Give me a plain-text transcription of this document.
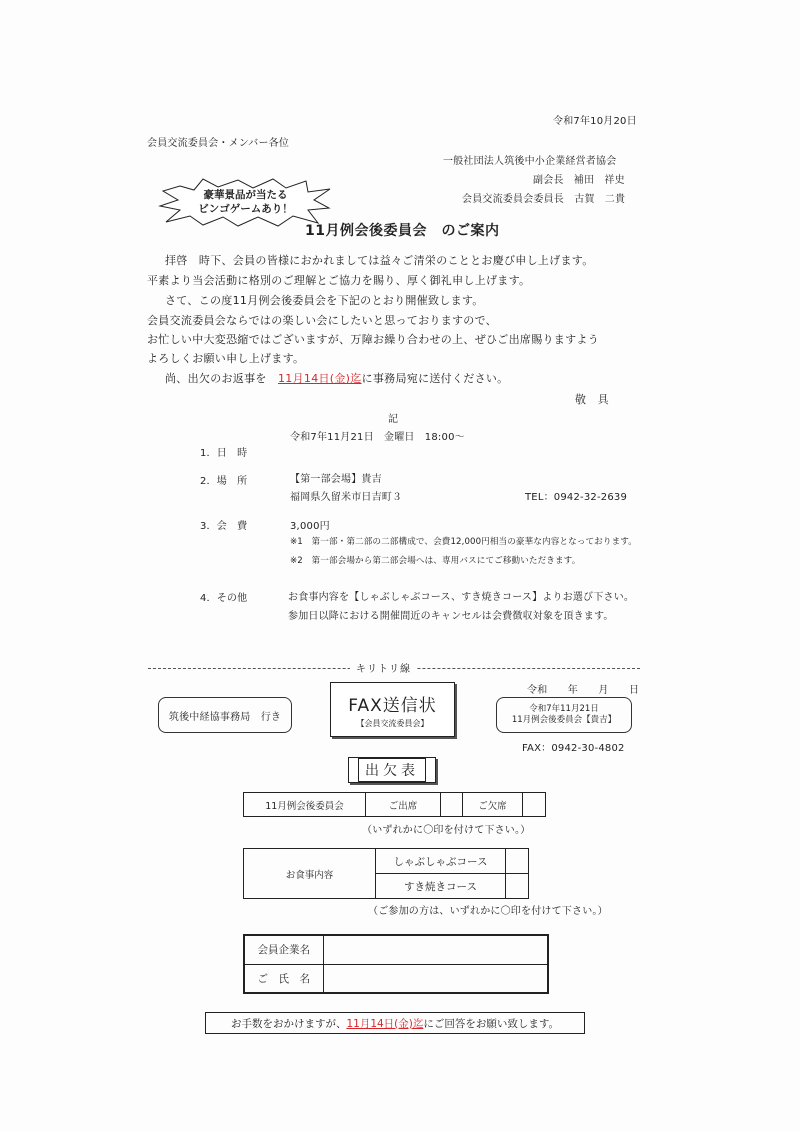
令和7年10月20日
会員交流委員会・メンバー各位
一般社団法人筑後中小企業経営者協会
副会長　補田　祥史
会員交流委員会委員長　古賀　二貴
豪華景品が当たる
ビンゴゲームあり！
11月例会後委員会　のご案内
拝啓　時下、会員の皆様におかれましては益々ご清栄のこととお慶び申し上げます。
平素より当会活動に格別のご理解とご協力を賜り、厚く御礼申し上げます。
さて、この度11月例会後委員会を下記のとおり開催致します。
会員交流委員会ならではの楽しい会にしたいと思っておりますので、
お忙しい中大変恐縮ではございますが、万障お繰り合わせの上、ぜひご出席賜りますよう
よろしくお願い申し上げます。
尚、出欠のお返事を　11月14日(金)迄に事務局宛に送付ください。
敬　具
記
1．日　時
令和7年11月21日　金曜日　18:00～
2．場　所	【第一部会場】貴吉
福岡県久留米市日吉町３	TEL：0942-32-2639
3．会　費	3,000円
※1　第一部・第二部の二部構成で、会費12,000円相当の豪華な内容となっております。
※2　第一部会場から第二部会場へは、専用バスにてご移動いただきます。
4．その他	お食事内容を【しゃぶしゃぶコース、すき焼きコース】よりお選び下さい。
参加日以降における開催間近のキャンセルは会費徴収対象を頂きます。
キリトリ線
筑後中経協事務局　行き
FAX送信状
【会員交流委員会】
令和　　年　　月　　日
令和7年11月21日
11月例会後委員会【貴吉】
FAX：0942-30-4802
出欠表
11月例会後委員会	ご出席		ご欠席	
（いずれかに〇印を付けて下さい。）
お食事内容	しゃぶしゃぶコース	
	すき焼きコース	
（ご参加の方は、いずれかに〇印を付けて下さい。）
会員企業名	
ご　氏　名	
お手数をおかけますが、 11月14日(金)迄 にご回答をお願い致します。
